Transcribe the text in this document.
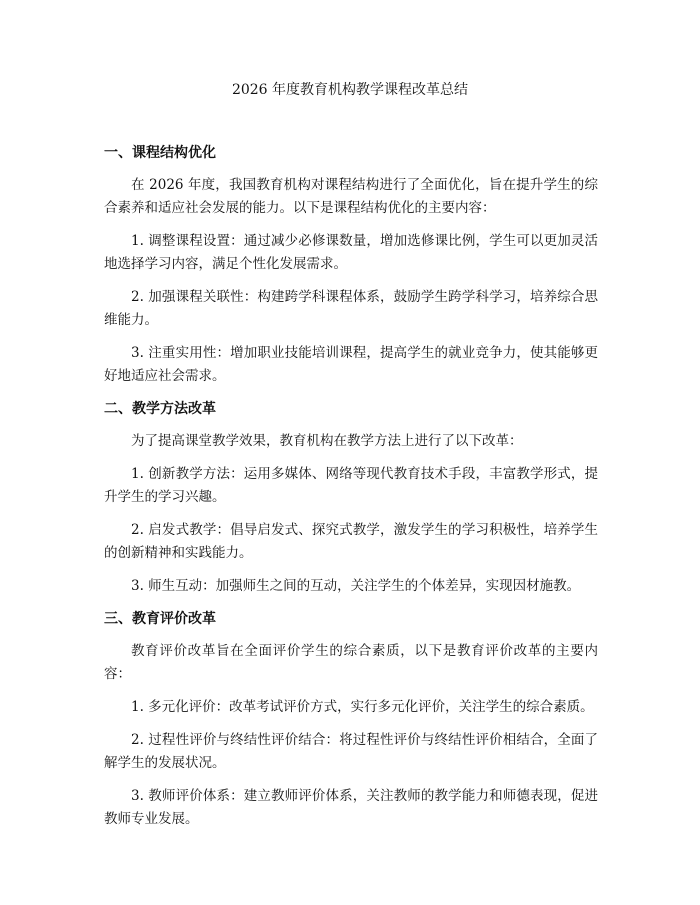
2026 年度教育机构教学课程改革总结
一、课程结构优化

在 2026 年度，我国教育机构对课程结构进行了全面优化，旨在提升学生的综合素养和适应社会发展的能力。以下是课程结构优化的主要内容：

1. 调整课程设置：通过减少必修课数量，增加选修课比例，学生可以更加灵活地选择学习内容，满足个性化发展需求。

2. 加强课程关联性：构建跨学科课程体系，鼓励学生跨学科学习，培养综合思维能力。

3. 注重实用性：增加职业技能培训课程，提高学生的就业竞争力，使其能够更好地适应社会需求。

二、教学方法改革

为了提高课堂教学效果，教育机构在教学方法上进行了以下改革：

1. 创新教学方法：运用多媒体、网络等现代教育技术手段，丰富教学形式，提升学生的学习兴趣。

2. 启发式教学：倡导启发式、探究式教学，激发学生的学习积极性，培养学生的创新精神和实践能力。

3. 师生互动：加强师生之间的互动，关注学生的个体差异，实现因材施教。

三、教育评价改革

教育评价改革旨在全面评价学生的综合素质，以下是教育评价改革的主要内容：

1. 多元化评价：改革考试评价方式，实行多元化评价，关注学生的综合素质。

2. 过程性评价与终结性评价结合：将过程性评价与终结性评价相结合，全面了解学生的发展状况。

3. 教师评价体系：建立教师评价体系，关注教师的教学能力和师德表现，促进教师专业发展。
